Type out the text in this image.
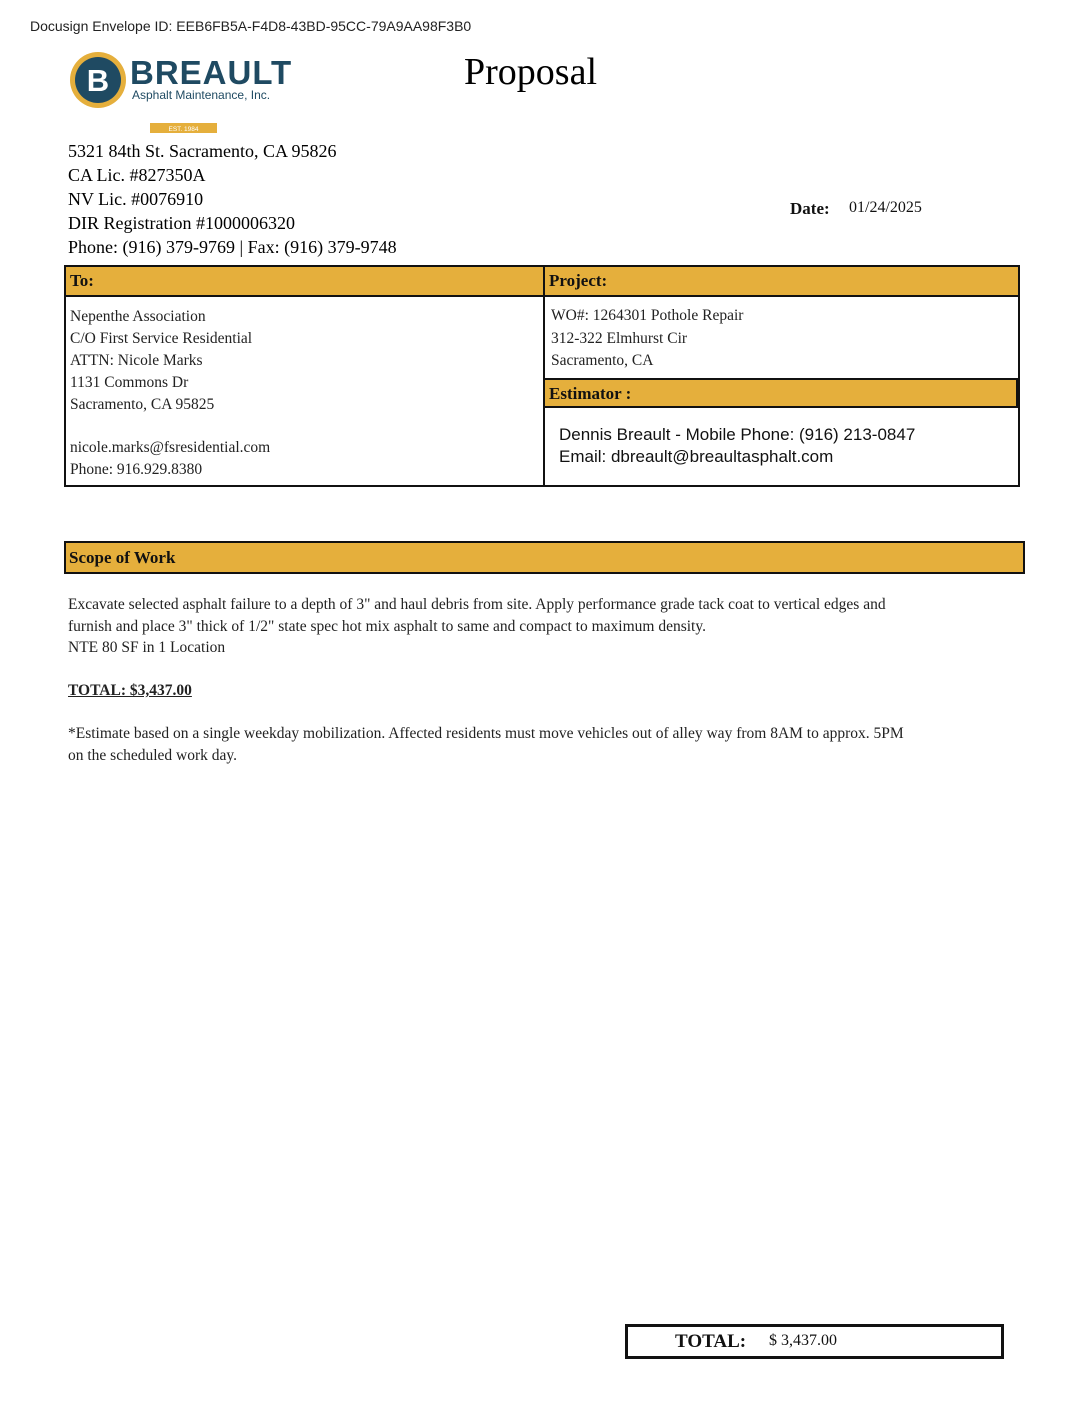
Docusign Envelope ID: EEB6FB5A-F4D8-43BD-95CC-79A9AA98F3B0
B BREAULT
Asphalt Maintenance, Inc.
EST. 1984
Proposal
5321 84th St. Sacramento, CA 95826
CA Lic. #827350A
NV Lic. #0076910
DIR Registration #1000006320
Phone: (916) 379-9769 | Fax: (916) 379-9748
Date: 01/24/2025
To:
Nepenthe Association
C/O First Service Residential
ATTN: Nicole Marks
1131 Commons Dr
Sacramento, CA 95825
nicole.marks@fsresidential.com
Phone: 916.929.8380
Project:
WO#: 1264301 Pothole Repair
312-322 Elmhurst Cir
Sacramento, CA
Estimator :
Dennis Breault - Mobile Phone: (916) 213-0847
Email: dbreault@breaultasphalt.com
Scope of Work
Excavate selected asphalt failure to a depth of 3" and haul debris from site. Apply performance grade tack coat to vertical edges and
furnish and place 3" thick of 1/2" state spec hot mix asphalt to same and compact to maximum density.
NTE 80 SF in 1 Location
TOTAL: $3,437.00
*Estimate based on a single weekday mobilization. Affected residents must move vehicles out of alley way from 8AM to approx. 5PM
on the scheduled work day.
TOTAL: $ 3,437.00
